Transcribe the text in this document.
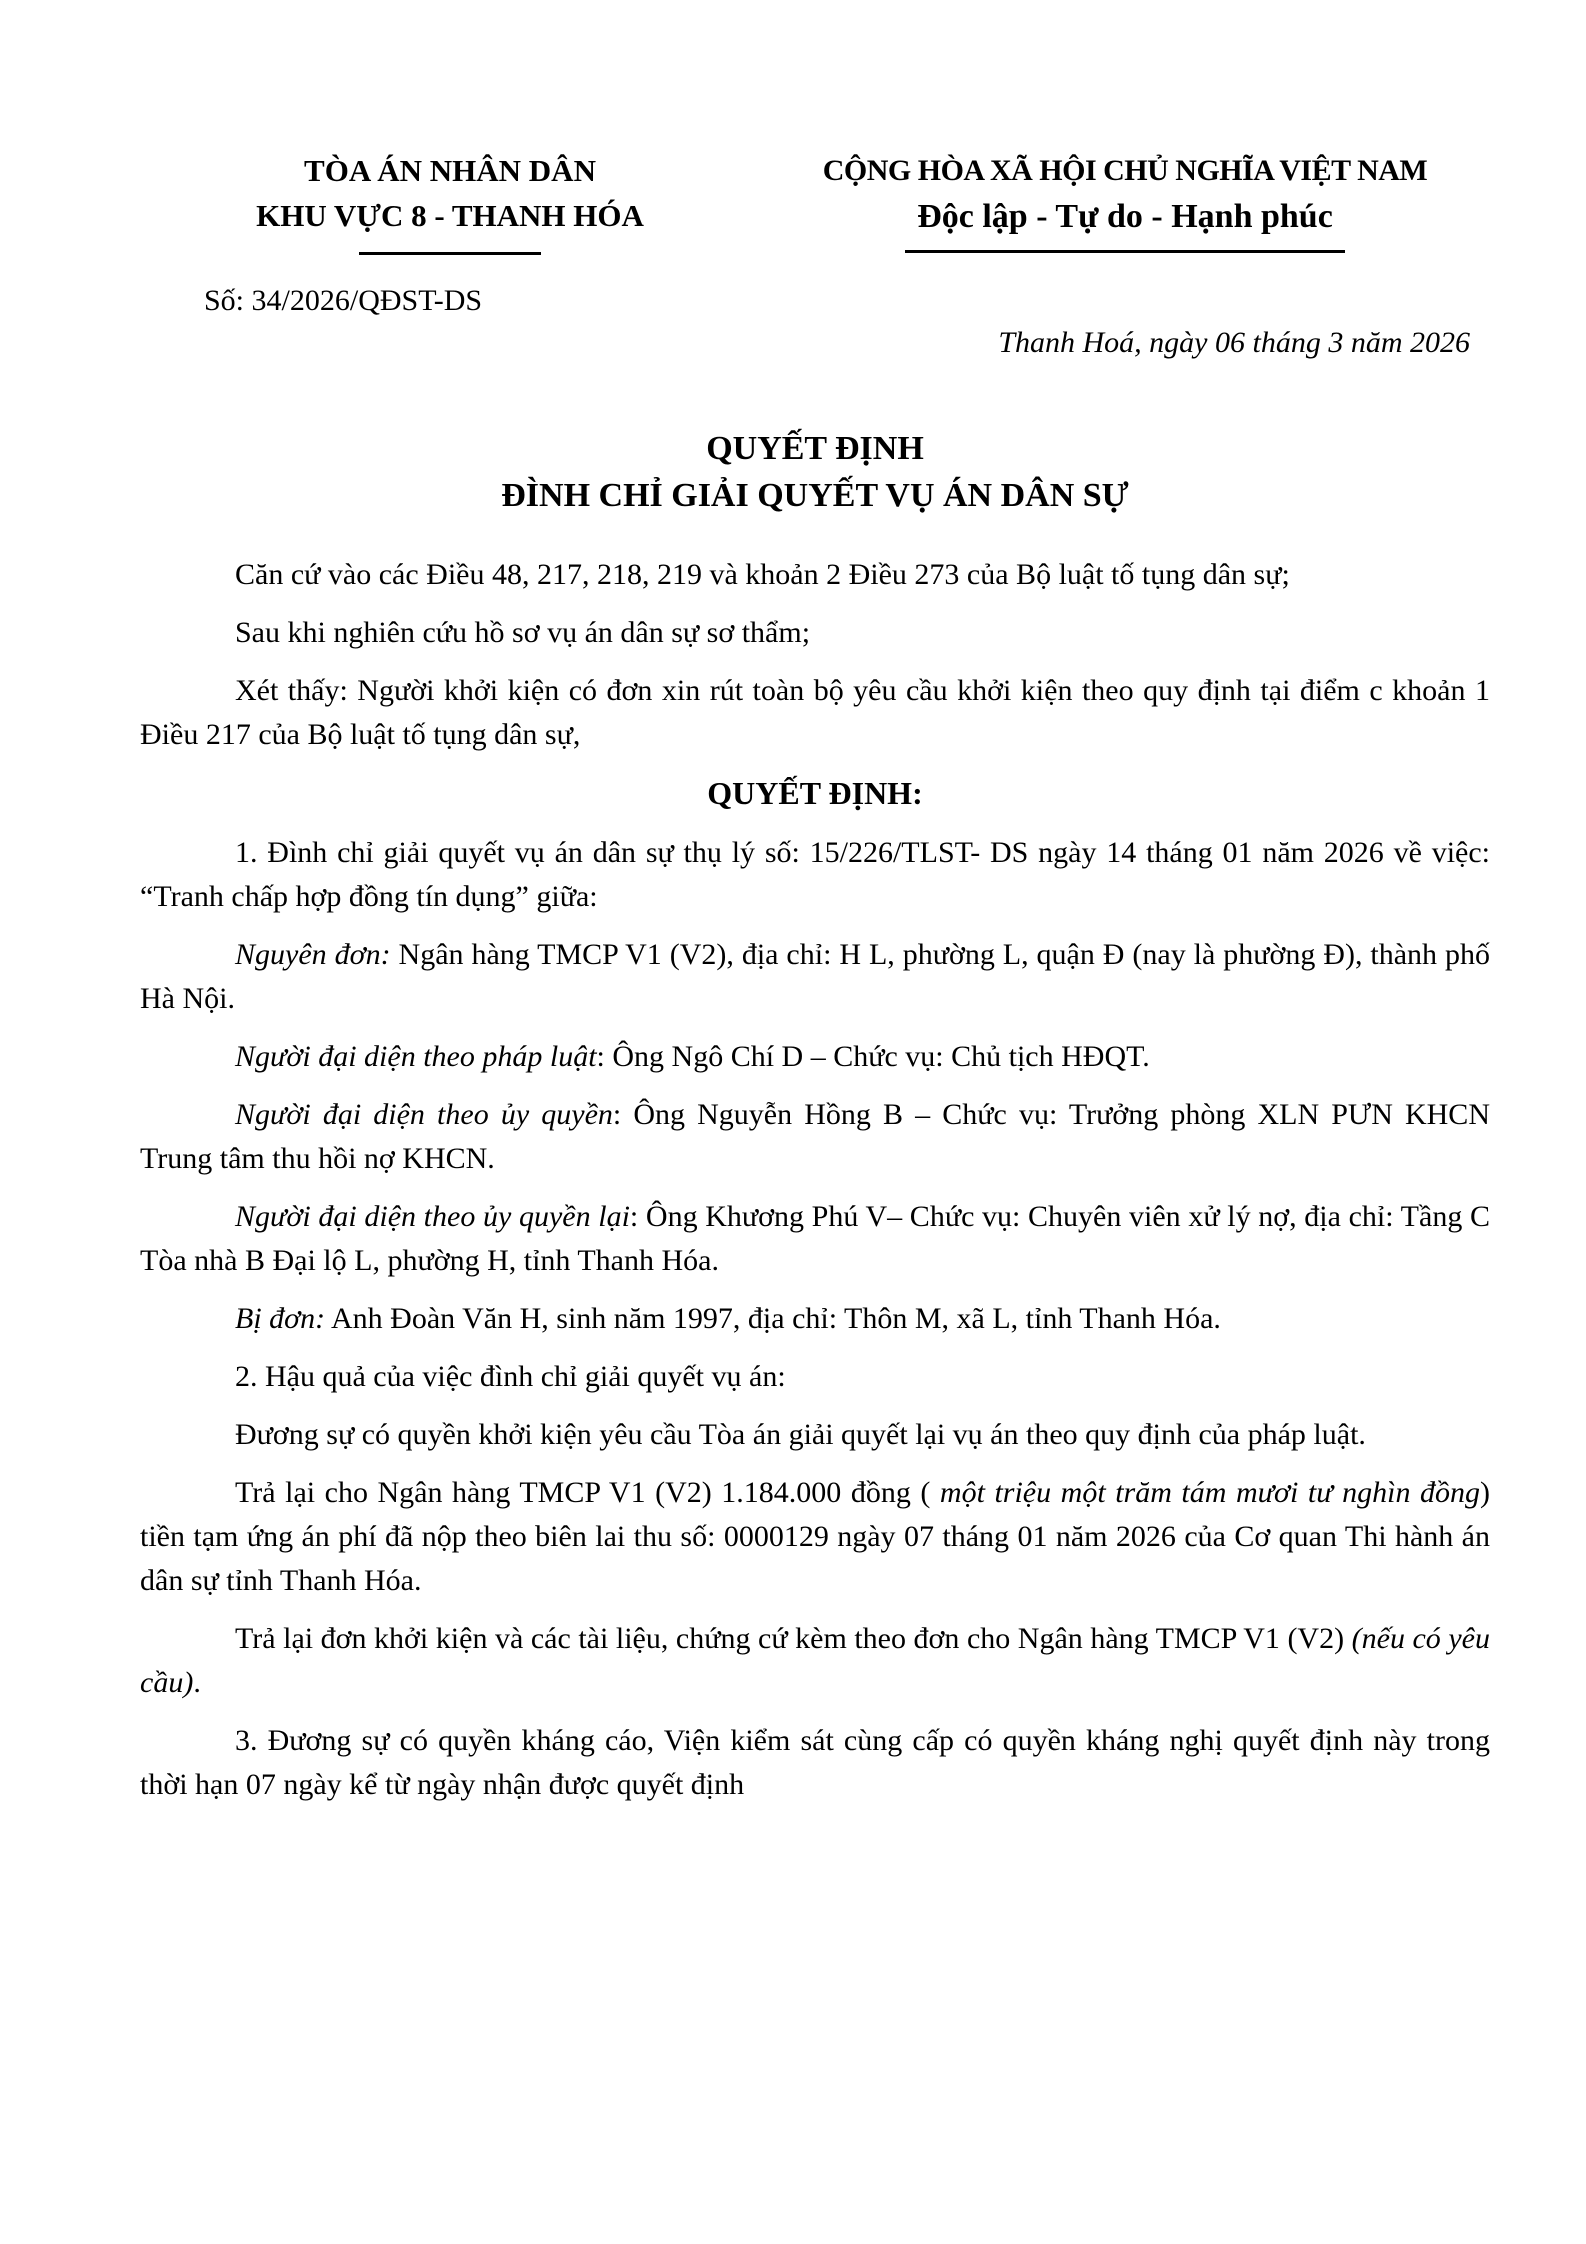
TÒA ÁN NHÂN DÂN
KHU VỰC 8 - THANH HÓA
CỘNG HÒA XÃ HỘI CHỦ NGHĨA VIỆT NAM
Độc lập - Tự do - Hạnh phúc
Số: 34/2026/QĐST-DS
Thanh Hoá, ngày 06 tháng 3 năm 2026
QUYẾT ĐỊNH
ĐÌNH CHỈ GIẢI QUYẾT VỤ ÁN DÂN SỰ

Căn cứ vào các Điều 48, 217, 218, 219 và khoản 2 Điều 273 của Bộ luật tố tụng dân sự;

Sau khi nghiên cứu hồ sơ vụ án dân sự sơ thẩm;

Xét thấy: Người khởi kiện có đơn xin rút toàn bộ yêu cầu khởi kiện theo quy định tại điểm c khoản 1 Điều 217 của Bộ luật tố tụng dân sự,

QUYẾT ĐỊNH:

1. Đình chỉ giải quyết vụ án dân sự thụ lý số: 15/226/TLST- DS ngày 14 tháng 01 năm 2026 về việc: “Tranh chấp hợp đồng tín dụng” giữa:

Nguyên đơn: Ngân hàng TMCP V1 (V2), địa chỉ: H L, phường L, quận Đ (nay là phường Đ), thành phố Hà Nội.

Người đại diện theo pháp luật: Ông Ngô Chí D – Chức vụ: Chủ tịch HĐQT.

Người đại diện theo ủy quyền: Ông Nguyễn Hồng B – Chức vụ: Trưởng phòng XLN PƯN KHCN Trung tâm thu hồi nợ KHCN.

Người đại diện theo ủy quyền lại: Ông Khương Phú V– Chức vụ: Chuyên viên xử lý nợ, địa chỉ: Tầng C Tòa nhà B Đại lộ L, phường H, tỉnh Thanh Hóa.

Bị đơn: Anh Đoàn Văn H, sinh năm 1997, địa chỉ: Thôn M, xã L, tỉnh Thanh Hóa.

2. Hậu quả của việc đình chỉ giải quyết vụ án:

Đương sự có quyền khởi kiện yêu cầu Tòa án giải quyết lại vụ án theo quy định của pháp luật.

Trả lại cho Ngân hàng TMCP V1 (V2) 1.184.000 đồng ( một triệu một trăm tám mươi tư nghìn đồng) tiền tạm ứng án phí đã nộp theo biên lai thu số: 0000129 ngày 07 tháng 01 năm 2026 của Cơ quan Thi hành án dân sự tỉnh Thanh Hóa.

Trả lại đơn khởi kiện và các tài liệu, chứng cứ kèm theo đơn cho Ngân hàng TMCP V1 (V2) (nếu có yêu cầu).

3. Đương sự có quyền kháng cáo, Viện kiểm sát cùng cấp có quyền kháng nghị quyết định này trong thời hạn 07 ngày kể từ ngày nhận được quyết định
